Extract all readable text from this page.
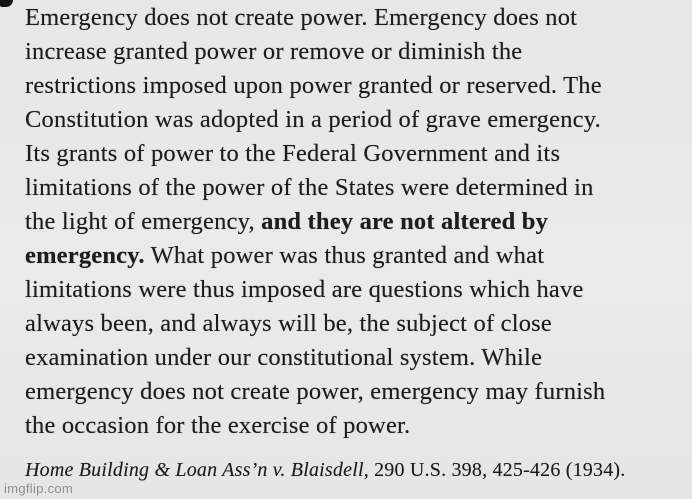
Emergency does not create power. Emergency does not
increase granted power or remove or diminish the
restrictions imposed upon power granted or reserved. The
Constitution was adopted in a period of grave emergency.
Its grants of power to the Federal Government and its
limitations of the power of the States were determined in
the light of emergency, and they are not altered by
emergency. What power was thus granted and what
limitations were thus imposed are questions which have
always been, and always will be, the subject of close
examination under our constitutional system. While
emergency does not create power, emergency may furnish
the occasion for the exercise of power.
Home Building & Loan Ass’n v. Blaisdell, 290 U.S. 398, 425-426 (1934).
imgflip.com
